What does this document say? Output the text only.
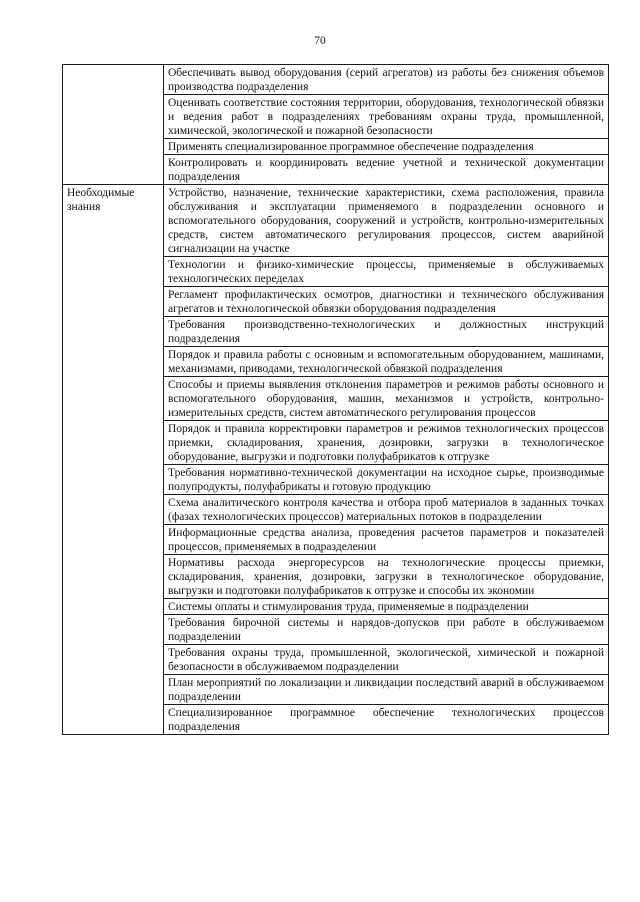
70
	Обеспечивать вывод оборудования (серий агрегатов) из работы без снижения объемов производства подразделения
	Оценивать соответствие состояния территории, оборудования, технологической обвязки и ведения работ в подразделениях требованиям охраны труда, промышленной, химической, экологической и пожарной безопасности
	Применять специализированное программное обеспечение подразделения
	Контролировать и координировать ведение учетной и технической документации подразделения
Необходимые знания	Устройство, назначение, технические характеристики, схема расположения, правила обслуживания и эксплуатации применяемого в подразделении основного и вспомогательного оборудования, сооружений и устройств, контрольно-измерительных средств, систем автоматического регулирования процессов, систем аварийной сигнализации на участке
	Технологии и физико-химические процессы, применяемые в обслуживаемых технологических переделах
	Регламент профилактических осмотров, диагностики и технического обслуживания агрегатов и технологической обвязки оборудования подразделения
	Требования производственно-технологических и должностных инструкций подразделения
	Порядок и правила работы с основным и вспомогательным оборудованием, машинами, механизмами, приводами, технологической обвязкой подразделения
	Способы и приемы выявления отклонения параметров и режимов работы основного и вспомогательного оборудования, машин, механизмов и устройств, контрольно-измерительных средств, систем автоматического регулирования процессов
	Порядок и правила корректировки параметров и режимов технологических процессов приемки, складирования, хранения, дозировки, загрузки в технологическое оборудование, выгрузки и подготовки полуфабрикатов к отгрузке
	Требования нормативно-технической документации на исходное сырье, производимые полупродукты, полуфабрикаты и готовую продукцию
	Схема аналитического контроля качества и отбора проб материалов в заданных точках (фазах технологических процессов) материальных потоков в подразделении
	Информационные средства анализа, проведения расчетов параметров и показателей процессов, применяемых в подразделении
	Нормативы расхода энергоресурсов на технологические процессы приемки, складирования, хранения, дозировки, загрузки в технологическое оборудование, выгрузки и подготовки полуфабрикатов к отгрузке и способы их экономии
	Системы оплаты и стимулирования труда, применяемые в подразделении
	Требования бирочной системы и нарядов-допусков при работе в обслуживаемом подразделении
	Требования охраны труда, промышленной, экологической, химической и пожарной безопасности в обслуживаемом подразделении
	План мероприятий по локализации и ликвидации последствий аварий в обслуживаемом подразделении
	Специализированное программное обеспечение технологических процессов подразделения
